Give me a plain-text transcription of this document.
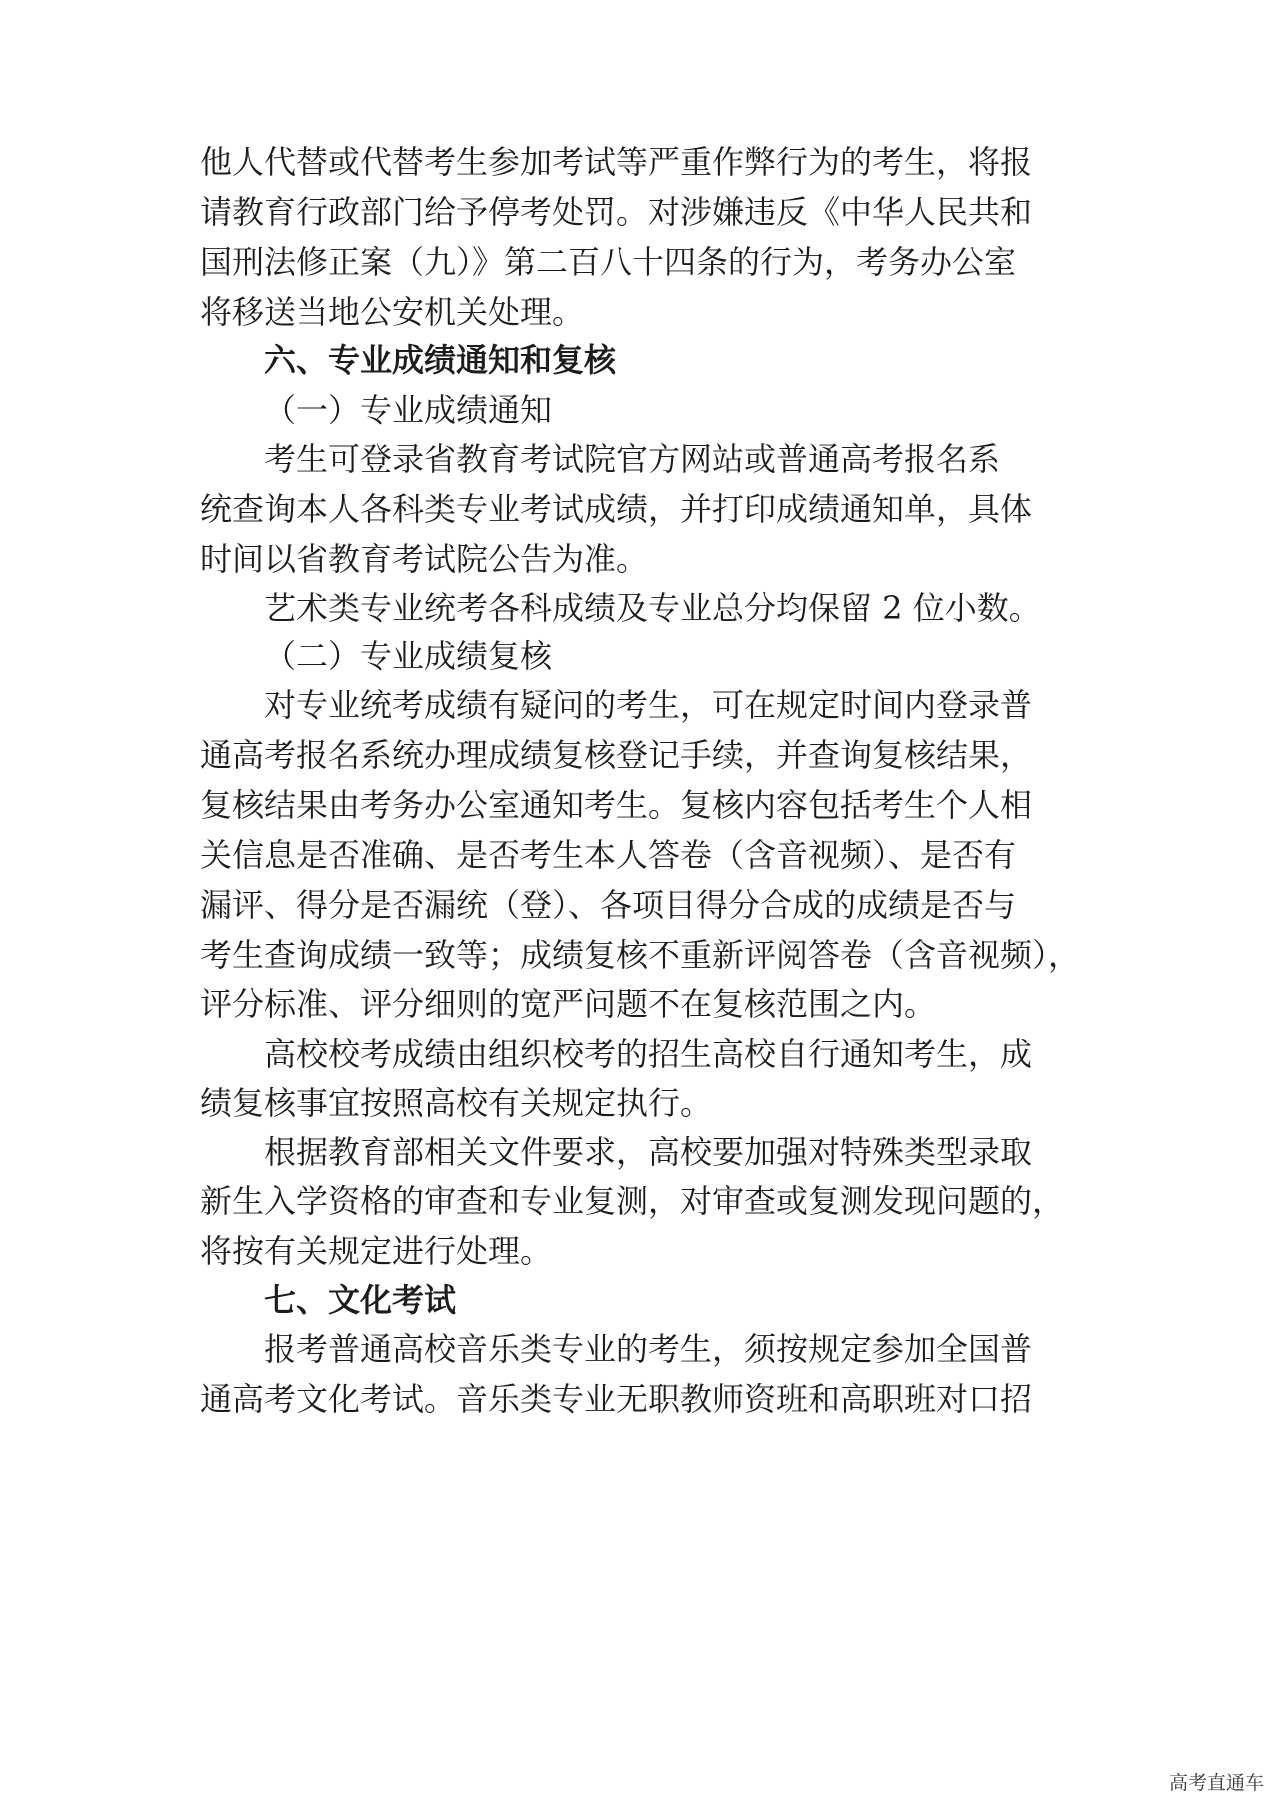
他人代替或代替考生参加考试等严重作弊行为的考生，将报
请教育行政部门给予停考处罚。对涉嫌违反《中华人民共和
国刑法修正案（九）》第二百八十四条的行为，考务办公室
将移送当地公安机关处理。
六、专业成绩通知和复核
（一）专业成绩通知
考生可登录省教育考试院官方网站或普通高考报名系
统查询本人各科类专业考试成绩，并打印成绩通知单，具体
时间以省教育考试院公告为准。
艺术类专业统考各科成绩及专业总分均保留 2 位小数。
（二）专业成绩复核
对专业统考成绩有疑问的考生，可在规定时间内登录普
通高考报名系统办理成绩复核登记手续，并查询复核结果，
复核结果由考务办公室通知考生。复核内容包括考生个人相
关信息是否准确、是否考生本人答卷（含音视频）、是否有
漏评、得分是否漏统（登）、各项目得分合成的成绩是否与
考生查询成绩一致等；成绩复核不重新评阅答卷（含音视频），
评分标准、评分细则的宽严问题不在复核范围之内。
高校校考成绩由组织校考的招生高校自行通知考生，成
绩复核事宜按照高校有关规定执行。
根据教育部相关文件要求，高校要加强对特殊类型录取
新生入学资格的审查和专业复测，对审查或复测发现问题的，
将按有关规定进行处理。
七、文化考试
报考普通高校音乐类专业的考生，须按规定参加全国普
通高考文化考试。音乐类专业无职教师资班和高职班对口招
高考直通车
